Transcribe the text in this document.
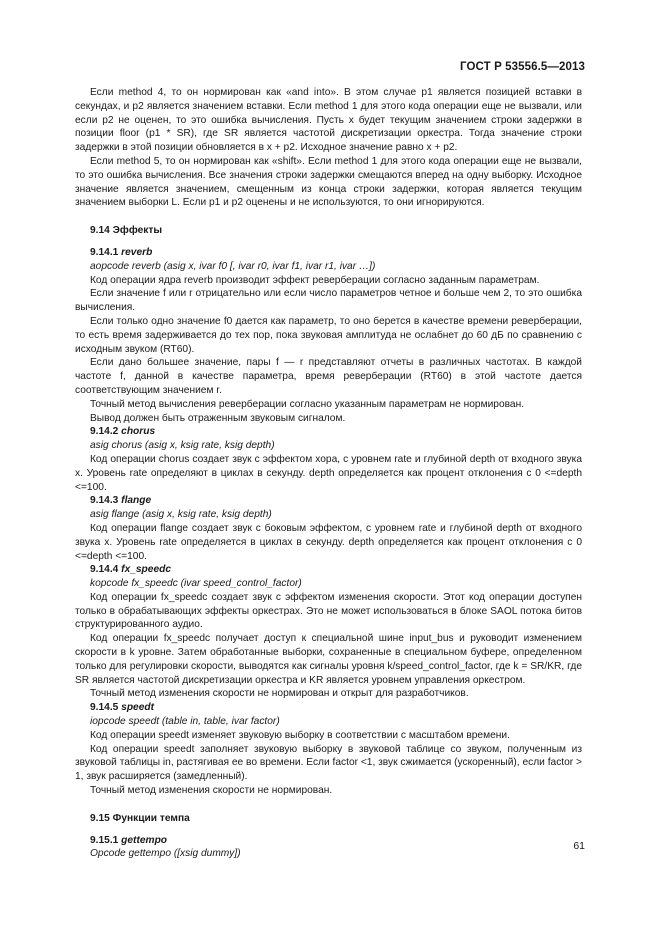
ГОСТ Р 53556.5—2013

Если method 4, то он нормирован как «and into». В этом случае p1 является позицией вставки в секундах, и p2 является значением вставки. Если method 1 для этого кода операции еще не вызвали, или если p2 не оценен, то это ошибка вычисления. Пусть x будет текущим значением строки задержки в позиции floor (p1 * SR), где SR является частотой дискретизации оркестра. Тогда значение строки задержки в этой позиции обновляется в x + p2. Исходное значение равно x + p2.

Если method 5, то он нормирован как «shift». Если method 1 для этого кода операции еще не вызвали, то это ошибка вычисления. Все значения строки задержки смещаются вперед на одну выборку. Исходное значение является значением, смещенным из конца строки задержки, которая является текущим значением выборки L. Если p1 и p2 оценены и не используются, то они игнорируются.

9.14 Эффекты

9.14.1 reverb

aopcode reverb (asig x, ivar f0 [, ivar r0, ivar f1, ivar r1, ivar …])

Код операции ядра reverb производит эффект реверберации согласно заданным параметрам.

Если значение f или r отрицательно или если число параметров четное и больше чем 2, то это ошибка вычисления.

Если только одно значение f0 дается как параметр, то оно берется в качестве времени реверберации, то есть время задерживается до тех пор, пока звуковая амплитуда не ослабнет до 60 дБ по сравнению с исходным звуком (RT60).

Если дано большее значение, пары f — r представляют отчеты в различных частотах. В каждой частоте f, данной в качестве параметра, время реверберации (RT60) в этой частоте дается соответствующим значением r.

Точный метод вычисления реверберации согласно указанным параметрам не нормирован.

Вывод должен быть отраженным звуковым сигналом.

9.14.2 chorus

asig chorus (asig x, ksig rate, ksig depth)

Код операции chorus создает звук с эффектом хора, с уровнем rate и глубиной depth от входного звука x. Уровень rate определяют в циклах в секунду. depth определяется как процент отклонения с 0 <=depth <=100.

9.14.3 flange

asig flange (asig x, ksig rate, ksig depth)

Код операции flange создает звук с боковым эффектом, с уровнем rate и глубиной depth от входного звука x. Уровень rate определяется в циклах в секунду. depth определяется как процент отклонения с 0 <=depth <=100.

9.14.4 fx_speedc

kopcode fx_speedc (ivar speed_control_factor)

Код операции fx_speedc создает звук с эффектом изменения скорости. Этот код операции доступен только в обрабатывающих эффекты оркестрах. Это не может использоваться в блоке SAOL потока битов структурированного аудио.

Код операции fx_speedc получает доступ к специальной шине input_bus и руководит изменением скорости в k уровне. Затем обработанные выборки, сохраненные в специальном буфере, определенном только для регулировки скорости, выводятся как сигналы уровня k/speed_control_factor, где k = SR/KR, где SR является частотой дискретизации оркестра и KR является уровнем управления оркестром.

Точный метод изменения скорости не нормирован и открыт для разработчиков.

9.14.5 speedt

iopcode speedt (table in, table, ivar factor)

Код операции speedt изменяет звуковую выборку в соответствии с масштабом времени.

Код операции speedt заполняет звуковую выборку в звуковой таблице со звуком, полученным из звуковой таблицы in, растягивая ее во времени. Если factor <1, звук сжимается (ускоренный), если factor > 1, звук расширяется (замедленный).

Точный метод изменения скорости не нормирован.

9.15 Функции темпа

9.15.1 gettempo

Opcode gettempo ([xsig dummy])

61
